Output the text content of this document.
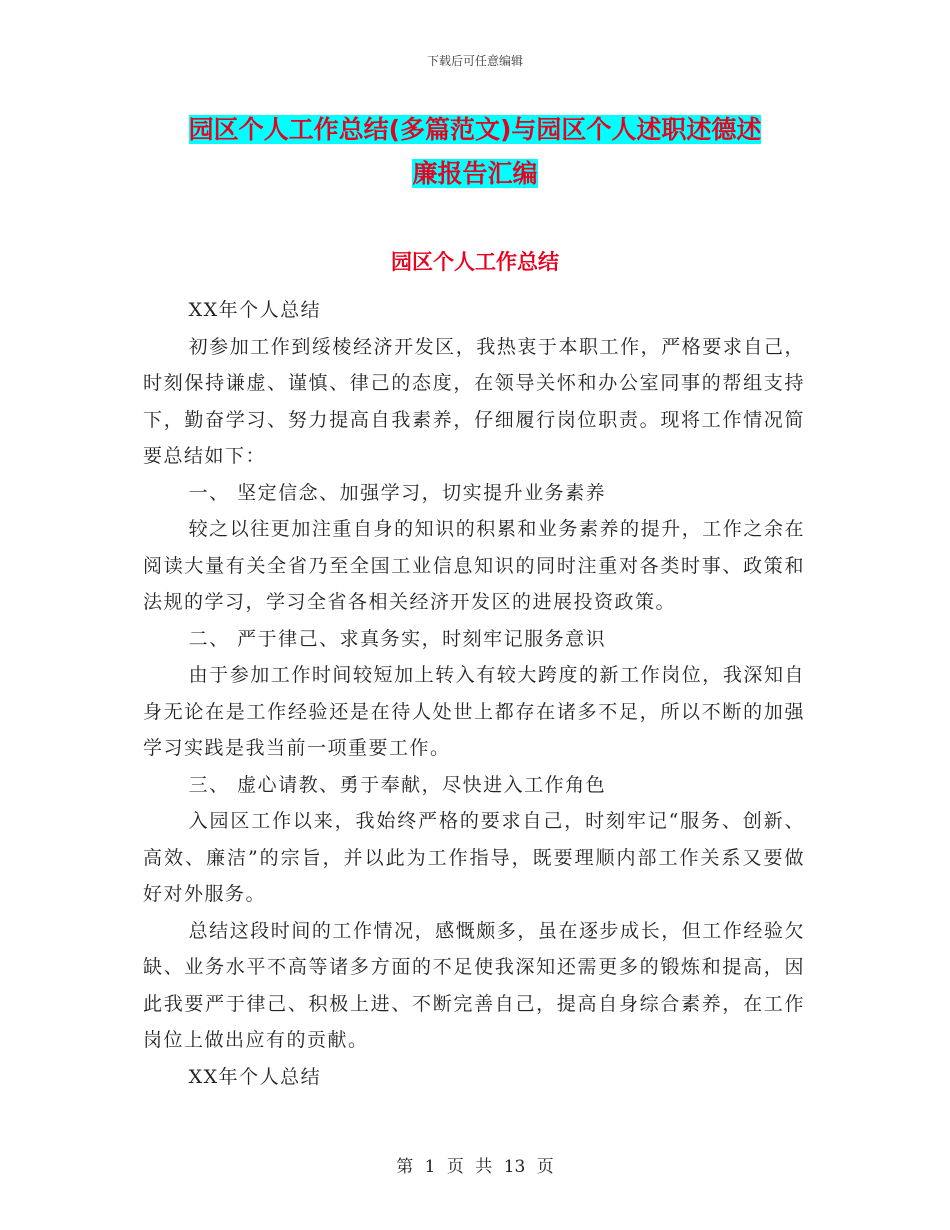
下载后可任意编辑
园区个人工作总结(多篇范文)与园区个人述职述德述
廉报告汇编
园区个人工作总结

XX年个人总结

初参加工作到绥棱经济开发区，我热衷于本职工作，严格要求自己，时刻保持谦虚、谨慎、律己的态度，在领导关怀和办公室同事的帮组支持下，勤奋学习、努力提高自我素养，仔细履行岗位职责。现将工作情况简要总结如下：

一、 坚定信念、加强学习，切实提升业务素养

较之以往更加注重自身的知识的积累和业务素养的提升，工作之余在阅读大量有关全省乃至全国工业信息知识的同时注重对各类时事、政策和法规的学习，学习全省各相关经济开发区的进展投资政策。

二、 严于律己、求真务实，时刻牢记服务意识

由于参加工作时间较短加上转入有较大跨度的新工作岗位，我深知自身无论在是工作经验还是在待人处世上都存在诸多不足，所以不断的加强学习实践是我当前一项重要工作。

三、 虚心请教、勇于奉献，尽快进入工作角色

入园区工作以来，我始终严格的要求自己，时刻牢记“服务、创新、高效、廉洁”的宗旨，并以此为工作指导，既要理顺内部工作关系又要做好对外服务。

总结这段时间的工作情况，感慨颇多，虽在逐步成长，但工作经验欠缺、业务水平不高等诸多方面的不足使我深知还需更多的锻炼和提高，因此我要严于律己、积极上进、不断完善自己，提高自身综合素养，在工作岗位上做出应有的贡献。

XX年个人总结

第 1 页 共 13 页
